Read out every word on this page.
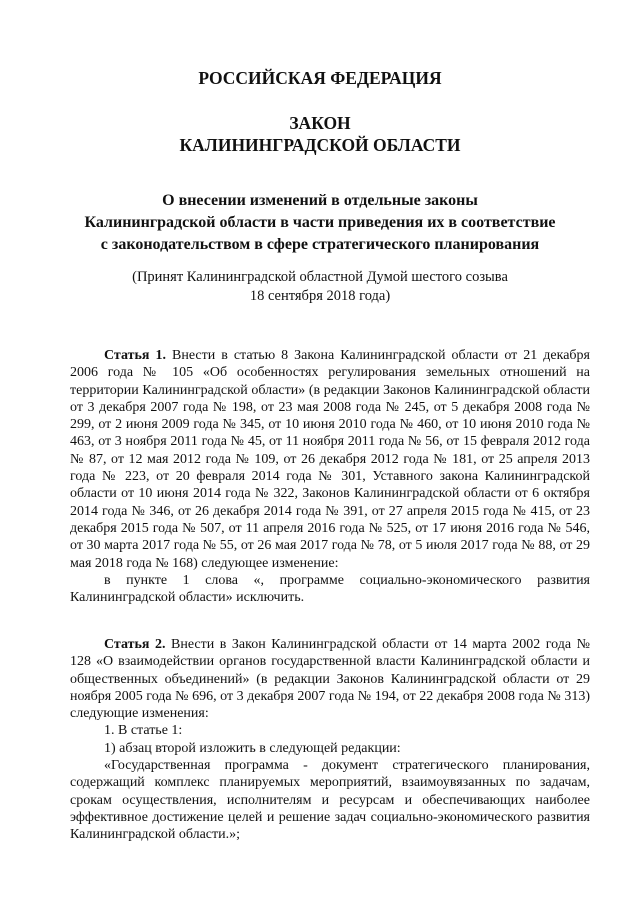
РОССИЙСКАЯ ФЕДЕРАЦИЯ
ЗАКОН
КАЛИНИНГРАДСКОЙ ОБЛАСТИ
О внесении изменений в отдельные законы
Калининградской области в части приведения их в соответствие
с законодательством в сфере стратегического планирования
(Принят Калининградской областной Думой шестого созыва
18 сентября 2018 года)

Статья 1. Внести в статью 8 Закона Калининградской области от 21 декабря 2006 года № 105 «Об особенностях регулирования земельных отношений на территории Калининградской области» (в редакции Законов Калининградской области от 3 декабря 2007 года № 198, от 23 мая 2008 года № 245, от 5 декабря 2008 года № 299, от 2 июня 2009 года № 345, от 10 июня 2010 года № 460, от 10 июня 2010 года № 463, от 3 ноября 2011 года № 45, от 11 ноября 2011 года № 56, от 15 февраля 2012 года № 87, от 12 мая 2012 года № 109, от 26 декабря 2012 года № 181, от 25 апреля 2013 года № 223, от 20 февраля 2014 года № 301, Уставного закона Калининградской области от 10 июня 2014 года № 322, Законов Калининградской области от 6 октября 2014 года № 346, от 26 декабря 2014 года № 391, от 27 апреля 2015 года № 415, от 23 декабря 2015 года № 507, от 11 апреля 2016 года № 525, от 17 июня 2016 года № 546, от 30 марта 2017 года № 55, от 26 мая 2017 года № 78, от 5 июля 2017 года № 88, от 29 мая 2018 года № 168) следующее изменение:

в пункте 1 слова «, программе социально-экономического развития Калининградской области» исключить.

Статья 2. Внести в Закон Калининградской области от 14 марта 2002 года № 128 «О взаимодействии органов государственной власти Калининградской области и общественных объединений» (в редакции Законов Калининградской области от 29 ноября 2005 года № 696, от 3 декабря 2007 года № 194, от 22 декабря 2008 года № 313) следующие изменения:

1. В статье 1:

1) абзац второй изложить в следующей редакции:

«Государственная программа - документ стратегического планирования, содержащий комплекс планируемых мероприятий, взаимоувязанных по задачам, срокам осуществления, исполнителям и ресурсам и обеспечивающих наиболее эффективное достижение целей и решение задач социально-экономического развития Калининградской области.»;
